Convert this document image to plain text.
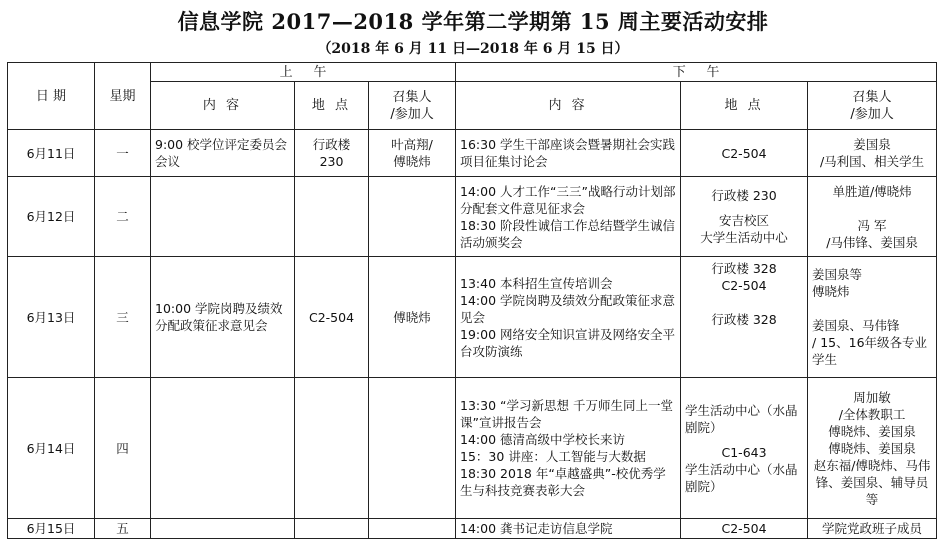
信息学院 2017—2018 学年第二学期第 15 周主要活动安排
（2018 年 6 月 11 日—2018 年 6 月 15 日）
日 期	星期	上     午			下     午		
		内 容	地 点	召集人
/参加人	内 容	地 点	召集人
/参加人

6月11日	一	9:00 校学位评定委员会会议	行政楼
230	叶高翔/
傅晓炜	16:30 学生干部座谈会暨暑期社会实践项目征集讨论会	C2-504	姜国泉
/马利国、相关学生

6月12日	二				14:00 人才工作“三三”战略行动计划部分配套文件意见征求会
18:30 阶段性诚信工作总结暨学生诚信活动颁奖会	行政楼 230
安吉校区
大学生活动中心	单胜道/傅晓炜
冯 军
/马伟锋、姜国泉

6月13日	三	10:00 学院岗聘及绩效分配政策征求意见会	C2-504	傅晓炜	13:40 本科招生宣传培训会
14:00 学院岗聘及绩效分配政策征求意见会
19:00 网络安全知识宣讲及网络安全平台攻防演练	行政楼 328
C2-504
行政楼 328	姜国泉等
傅晓炜
姜国泉、马伟锋
/ 15、16年级各专业学生

6月14日	四				13:30 “学习新思想 千万师生同上一堂课”宣讲报告会
14:00 德清高级中学校长来访
15：30 讲座：人工智能与大数据
18:30 2018 年“卓越盛典”-校优秀学生与科技竞赛表彰大会	学生活动中心（水晶剧院）
C1-643
学生活动中心（水晶剧院）	周加敏
/全体教职工
傅晓炜、姜国泉
傅晓炜、姜国泉
赵东福/傅晓炜、马伟锋、姜国泉、辅导员等

6月15日	五				14:00 龚书记走访信息学院	C2-504	学院党政班子成员
